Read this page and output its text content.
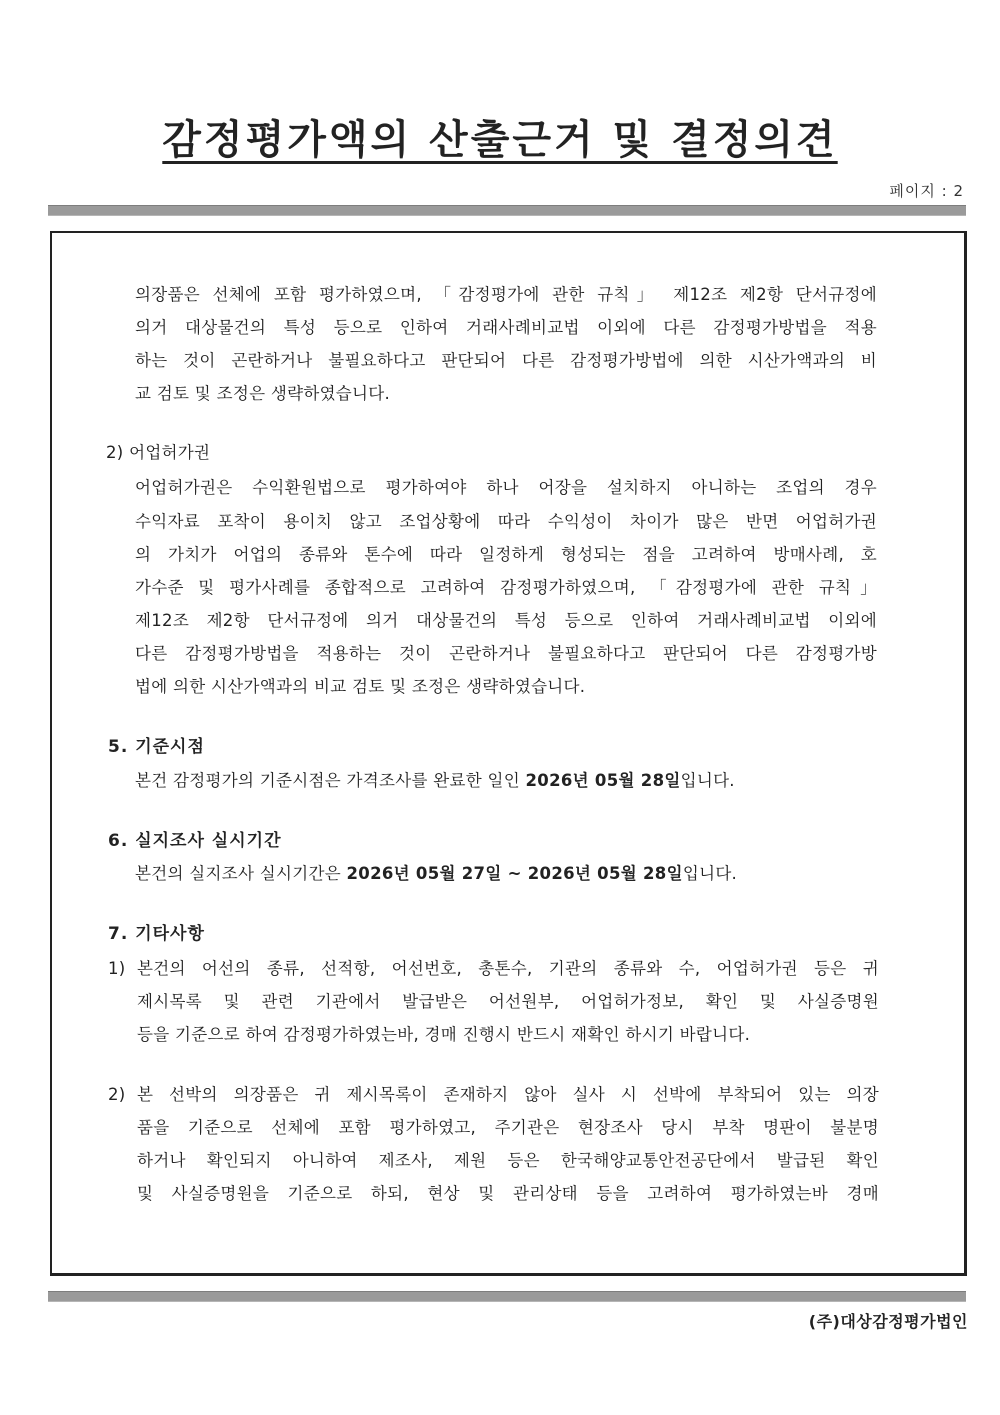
감정평가액의 산출근거 및 결정의견
페이지 : 2
의장품은 선체에 포함 평가하였으며, 「감정평가에 관한 규칙」 제12조 제2항 단서규정에
의거 대상물건의 특성 등으로 인하여 거래사례비교법 이외에 다른 감정평가방법을 적용
하는 것이 곤란하거나 불필요하다고 판단되어 다른 감정평가방법에 의한 시산가액과의 비
교 검토 및 조정은 생략하였습니다.
2) 어업허가권
어업허가권은 수익환원법으로 평가하여야 하나 어장을 설치하지 아니하는 조업의 경우
수익자료 포착이 용이치 않고 조업상황에 따라 수익성이 차이가 많은 반면 어업허가권
의 가치가 어업의 종류와 톤수에 따라 일정하게 형성되는 점을 고려하여 방매사례, 호
가수준 및 평가사례를 종합적으로 고려하여 감정평가하였으며, 「감정평가에 관한 규칙」
제12조 제2항 단서규정에 의거 대상물건의 특성 등으로 인하여 거래사례비교법 이외에
다른 감정평가방법을 적용하는 것이 곤란하거나 불필요하다고 판단되어 다른 감정평가방
법에 의한 시산가액과의 비교 검토 및 조정은 생략하였습니다.
5. 기준시점
본건 감정평가의 기준시점은 가격조사를 완료한 일인 2026년 05월 28일입니다.
6. 실지조사 실시기간
본건의 실지조사 실시기간은 2026년 05월 27일 ~ 2026년 05월 28일입니다.
7. 기타사항
1) 본건의 어선의 종류, 선적항, 어선번호, 총톤수, 기관의 종류와 수, 어업허가권 등은 귀
제시목록 및 관련 기관에서 발급받은 어선원부, 어업허가정보, 확인 및 사실증명원
등을 기준으로 하여 감정평가하였는바, 경매 진행시 반드시 재확인 하시기 바랍니다.
2) 본 선박의 의장품은 귀 제시목록이 존재하지 않아 실사 시 선박에 부착되어 있는 의장
품을 기준으로 선체에 포함 평가하였고, 주기관은 현장조사 당시 부착 명판이 불분명
하거나 확인되지 아니하여 제조사, 제원 등은 한국해양교통안전공단에서 발급된 확인
및 사실증명원을 기준으로 하되, 현상 및 관리상태 등을 고려하여 평가하였는바 경매
(주)대상감정평가법인
